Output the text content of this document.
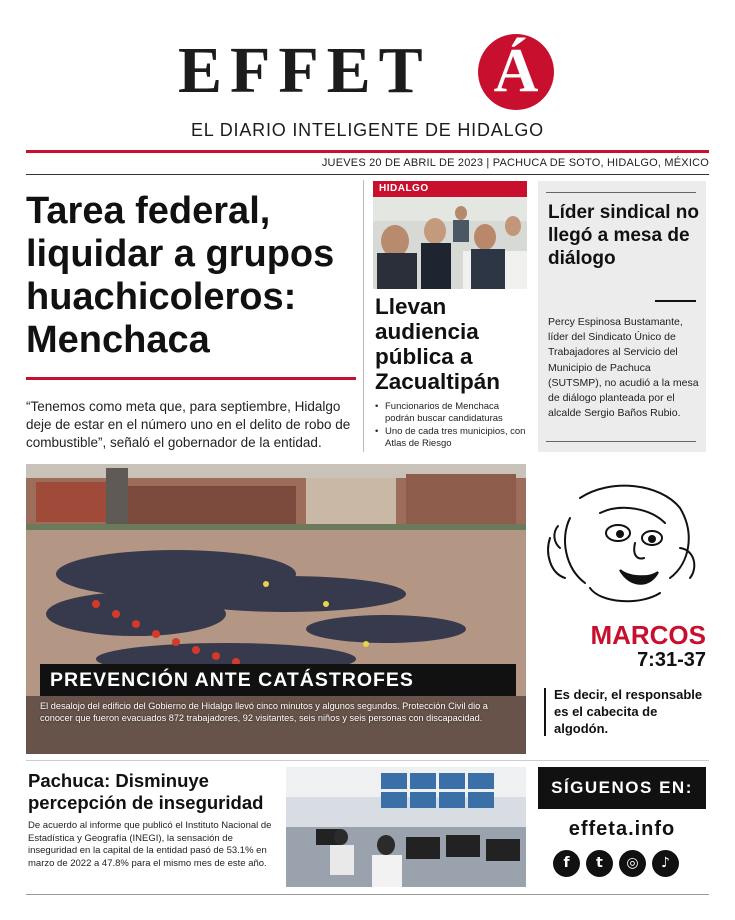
EFFET Á
EL DIARIO INTELIGENTE DE HIDALGO
JUEVES 20 DE ABRIL DE 2023 | PACHUCA DE SOTO, HIDALGO, MÉXICO
Tarea federal, liquidar a grupos huachicoleros: Menchaca
“Tenemos como meta que, para septiembre, Hidalgo deje de estar en el número uno en el delito de robo de combustible”, señaló el gobernador de la entidad.
HIDALGO
Llevan audiencia pública a Zacualtipán
• Funcionarios de Menchaca podrán buscar candidaturas
• Uno de cada tres municipios, con Atlas de Riesgo
Líder sindical no llegó a mesa de diálogo
Percy Espinosa Bustamante, líder del Sindicato Único de Trabajadores al Servicio del Municipio de Pachuca (SUTSMP), no acudió a la mesa de diálogo planteada por el alcalde Sergio Baños Rubio.
PREVENCIÓN ANTE CATÁSTROFES
El desalojo del edificio del Gobierno de Hidalgo llevó cinco minutos y algunos segundos. Protección Civil dio a conocer que fueron evacuados 872 trabajadores, 92 visitantes, seis niños y seis personas con discapacidad.
MARCOS
7:31-37
Es decir, el responsable es el cabecita de algodón.
Pachuca: Disminuye percepción de inseguridad
De acuerdo al informe que publicó el Instituto Nacional de Estadística y Geografía (INEGI), la sensación de inseguridad en la capital de la entidad pasó de 53.1% en marzo de 2022 a 47.8% para el mismo mes de este año.
SÍGUENOS EN:
effeta.info
f	t	◎	♪
